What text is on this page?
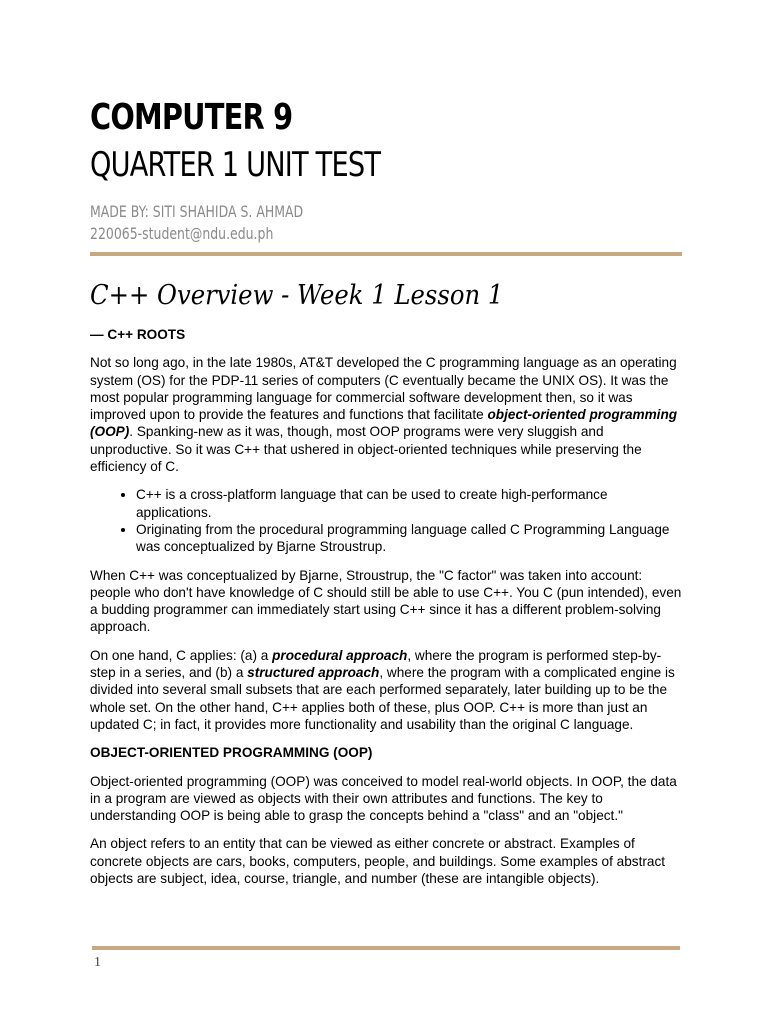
COMPUTER 9
QUARTER 1 UNIT TEST
MADE BY: SITI SHAHIDA S. AHMAD
220065-student@ndu.edu.ph
C++ Overview - Week 1 Lesson 1
— C++ ROOTS

Not so long ago, in the late 1980s, AT&T developed the C programming language as an operating system (OS) for the PDP-11 series of computers (C eventually became the UNIX OS). It was the most popular programming language for commercial software development then, so it was improved upon to provide the features and functions that facilitate object-oriented programming (OOP). Spanking-new as it was, though, most OOP programs were very sluggish and unproductive. So it was C++ that ushered in object-oriented techniques while preserving the efficiency of C.

• C++ is a cross-platform language that can be used to create high-performance applications.
• Originating from the procedural programming language called C Programming Language was conceptualized by Bjarne Stroustrup.

When C++ was conceptualized by Bjarne, Stroustrup, the "C factor" was taken into account: people who don't have knowledge of C should still be able to use C++. You C (pun intended), even a budding programmer can immediately start using C++ since it has a different problem-solving approach.

On one hand, C applies: (a) a procedural approach, where the program is performed step-by-step in a series, and (b) a structured approach, where the program with a complicated engine is divided into several small subsets that are each performed separately, later building up to be the whole set. On the other hand, C++ applies both of these, plus OOP. C++ is more than just an updated C; in fact, it provides more functionality and usability than the original C language.

OBJECT-ORIENTED PROGRAMMING (OOP)

Object-oriented programming (OOP) was conceived to model real-world objects. In OOP, the data in a program are viewed as objects with their own attributes and functions. The key to understanding OOP is being able to grasp the concepts behind a "class" and an "object."

An object refers to an entity that can be viewed as either concrete or abstract. Examples of concrete objects are cars, books, computers, people, and buildings. Some examples of abstract objects are subject, idea, course, triangle, and number (these are intangible objects).

1
